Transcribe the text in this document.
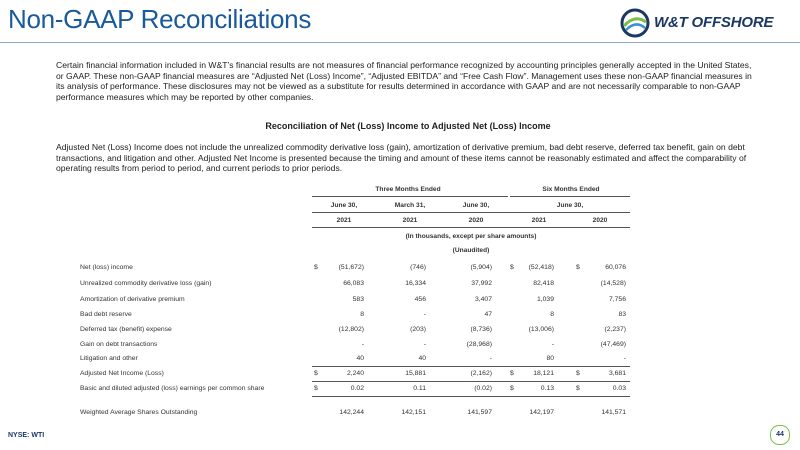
Non-GAAP Reconciliations	W&T OFFSHORE
Certain financial information included in W&T’s financial results are not measures of financial performance recognized by accounting principles generally accepted in the United States, or GAAP. These non-GAAP financial measures are “Adjusted Net (Loss) Income”, “Adjusted EBITDA” and “Free Cash Flow”. Management uses these non-GAAP financial measures in its analysis of performance. These disclosures may not be viewed as a substitute for results determined in accordance with GAAP and are not necessarily comparable to non-GAAP performance measures which may be reported by other companies.
Reconciliation of Net (Loss) Income to Adjusted Net (Loss) Income
Adjusted Net (Loss) Income does not include the unrealized commodity derivative loss (gain), amortization of derivative premium, bad debt reserve, deferred tax benefit, gain on debt transactions, and litigation and other. Adjusted Net Income is presented because the timing and amount of these items cannot be reasonably estimated and affect the comparability of operating results from period to period, and current periods to prior periods.
Three Months Ended	Six Months Ended
June 30,	March 31,	June 30,	June 30,
2021	2021	2020	2021	2020
(In thousands, except per share amounts)
(Unaudited)
Net (loss) income	$	(51,672)	(746)	(5,904)	$	(52,418)	$	60,076
Unrealized commodity derivative loss (gain)	66,083	16,334	37,992	82,418	(14,528)
Amortization of derivative premium	583	456	3,407	1,039	7,756
Bad debt reserve	8	-	47	8	83
Deferred tax (benefit) expense	(12,802)	(203)	(8,736)	(13,006)	(2,237)
Gain on debt transactions	-	-	(28,968)	-	(47,469)
Litigation and other	40	40	-	80	-
Adjusted Net Income (Loss)	$	2,240	15,881	(2,162)	$	18,121	$	3,681
Basic and diluted adjusted (loss) earnings per common share	$	0.02	0.11	(0.02)	$	0.13	$	0.03
Weighted Average Shares Outstanding	142,244	142,151	141,597	142,197	141,571
NYSE: WTI	44
